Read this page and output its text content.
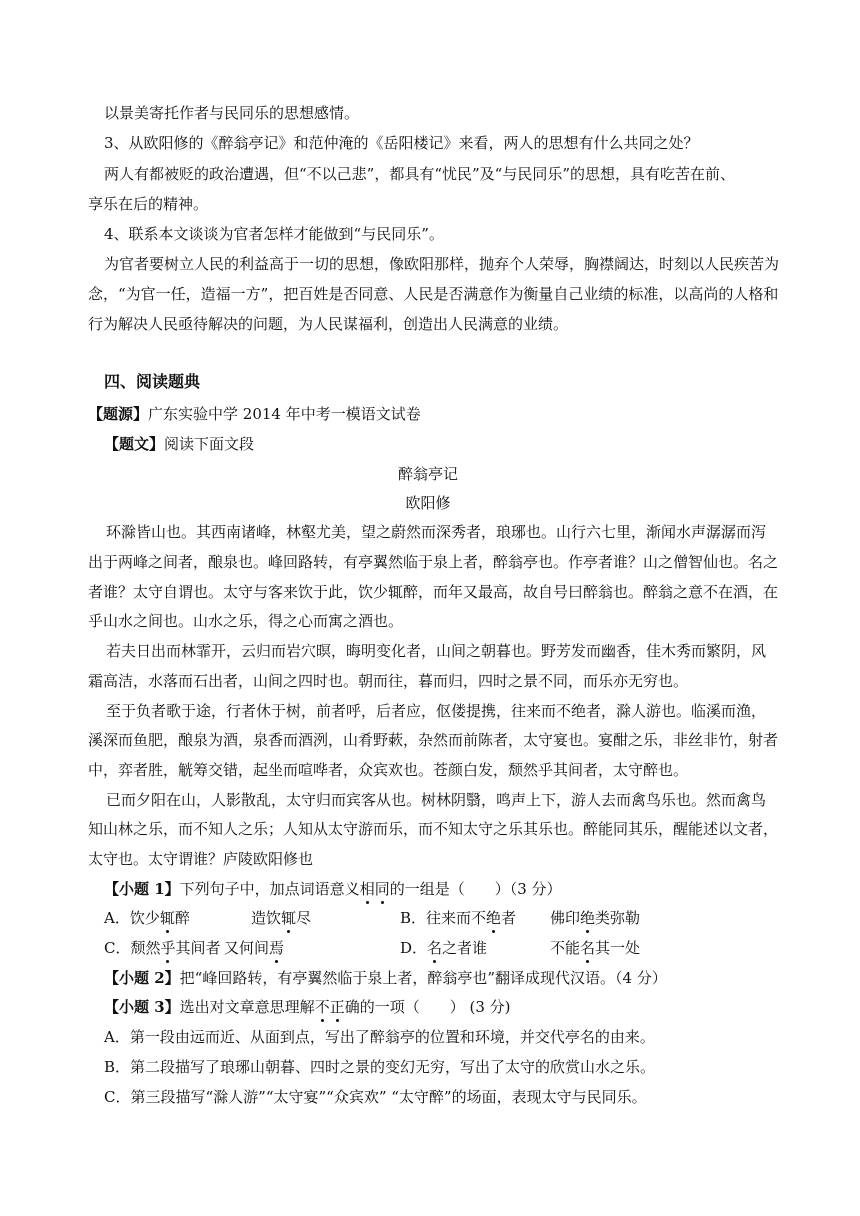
以景美寄托作者与民同乐的思想感情。
3、从欧阳修的《醉翁亭记》和范仲淹的《岳阳楼记》来看，两人的思想有什么共同之处？
两人有都被贬的政治遭遇，但“不以己悲”，都具有“忧民”及“与民同乐”的思想，具有吃苦在前、
享乐在后的精神。
4、联系本文谈谈为官者怎样才能做到“与民同乐”。
为官者要树立人民的利益高于一切的思想，像欧阳那样，抛弃个人荣辱，胸襟阔达，时刻以人民疾苦为
念，“为官一任，造福一方”，把百姓是否同意、人民是否满意作为衡量自己业绩的标准，以高尚的人格和
行为解决人民亟待解决的问题，为人民谋福利，创造出人民满意的业绩。
四、阅读题典
【题源】广东实验中学 2014 年中考一模语文试卷
【题文】阅读下面文段
醉翁亭记
欧阳修
环滁皆山也。其西南诸峰，林壑尤美，望之蔚然而深秀者，琅琊也。山行六七里，渐闻水声潺潺而泻
出于两峰之间者，酿泉也。峰回路转，有亭翼然临于泉上者，醉翁亭也。作亭者谁？山之僧智仙也。名之
者谁？太守自谓也。太守与客来饮于此，饮少辄醉，而年又最高，故自号曰醉翁也。醉翁之意不在酒，在
乎山水之间也。山水之乐，得之心而寓之酒也。
若夫日出而林霏开，云归而岩穴暝，晦明变化者，山间之朝暮也。野芳发而幽香，佳木秀而繁阴，风
霜高洁，水落而石出者，山间之四时也。朝而往，暮而归，四时之景不同，而乐亦无穷也。
至于负者歌于途，行者休于树，前者呼，后者应，伛偻提携，往来而不绝者，滁人游也。临溪而渔，
溪深而鱼肥，酿泉为酒，泉香而酒洌，山肴野蔌，杂然而前陈者，太守宴也。宴酣之乐，非丝非竹，射者
中，弈者胜，觥筹交错，起坐而喧哗者，众宾欢也。苍颜白发，颓然乎其间者，太守醉也。
已而夕阳在山，人影散乱，太守归而宾客从也。树林阴翳，鸣声上下，游人去而禽鸟乐也。然而禽鸟
知山林之乐，而不知人之乐；人知从太守游而乐，而不知太守之乐其乐也。醉能同其乐，醒能述以文者，
太守也。太守谓谁？庐陵欧阳修也
【小题 1】下列句子中，加点词语意义相同的一组是（　　）（3 分）
A．饮少辄醉	造饮辄尽	B．往来而不绝者 佛印绝类弥勒
C．颓然乎其间者 又何间焉	D．名之者谁	不能名其一处
【小题 2】把“峰回路转，有亭翼然临于泉上者，醉翁亭也”翻译成现代汉语。（4 分）
【小题 3】选出对文章意思理解不正确的一项（　　） (3 分)
A．第一段由远而近、从面到点，写出了醉翁亭的位置和环境，并交代亭名的由来。
B．第二段描写了琅琊山朝暮、四时之景的变幻无穷，写出了太守的欣赏山水之乐。
C．第三段描写“滁人游”“太守宴”“众宾欢” “太守醉”的场面，表现太守与民同乐。
